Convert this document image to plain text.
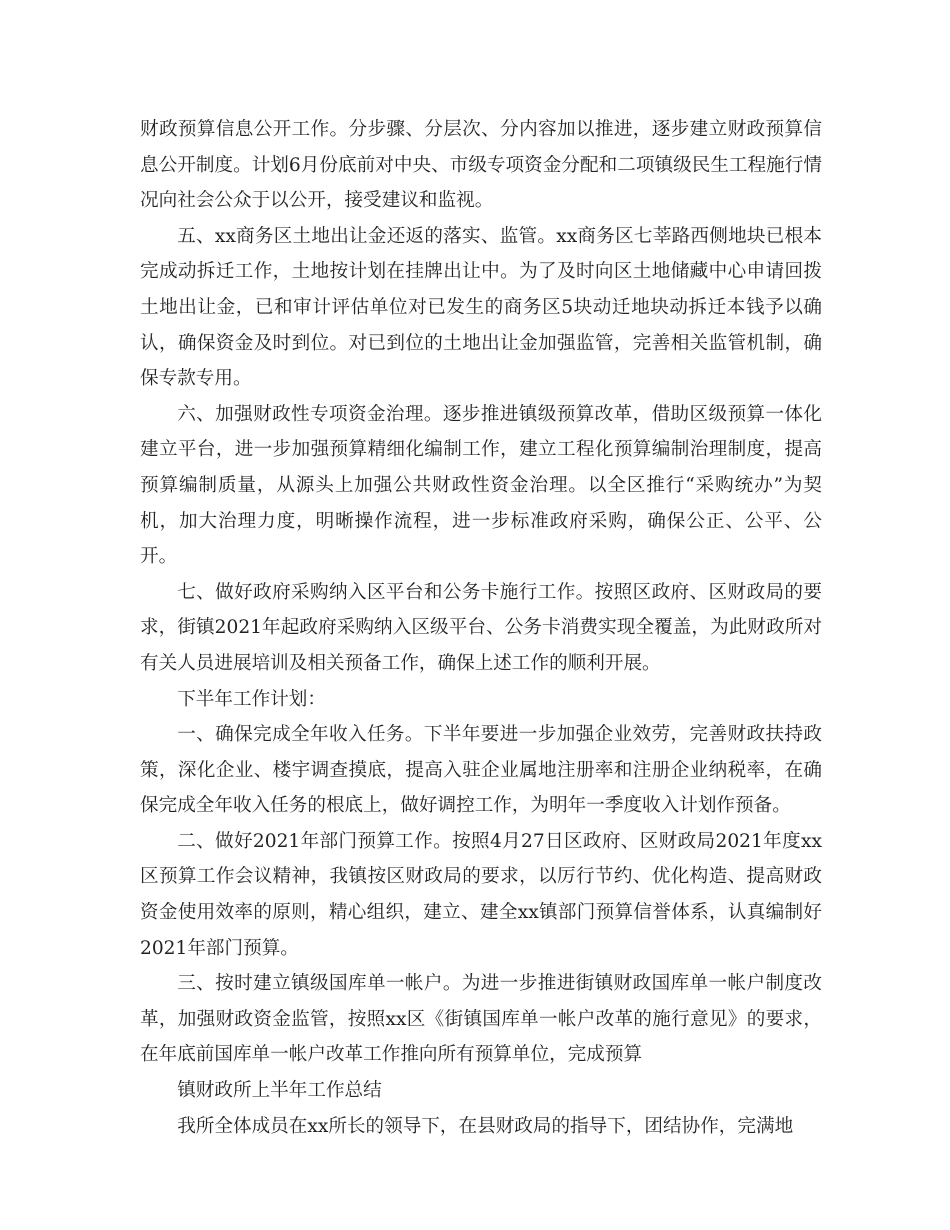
财政预算信息公开工作。分步骤、分层次、分内容加以推进，逐步建立财政预算信息公开制度。计划6月份底前对中央、市级专项资金分配和二项镇级民生工程施行情况向社会公众于以公开，接受建议和监视。

五、xx商务区土地出让金还返的落实、监管。xx商务区七莘路西侧地块已根本完成动拆迁工作，土地按计划在挂牌出让中。为了及时向区土地储藏中心申请回拨土地出让金，已和审计评估单位对已发生的商务区5块动迁地块动拆迁本钱予以确认，确保资金及时到位。对已到位的土地出让金加强监管，完善相关监管机制，确保专款专用。

六、加强财政性专项资金治理。逐步推进镇级预算改革，借助区级预算一体化建立平台，进一步加强预算精细化编制工作，建立工程化预算编制治理制度，提高预算编制质量，从源头上加强公共财政性资金治理。以全区推行“采购统办”为契机，加大治理力度，明晰操作流程，进一步标准政府采购，确保公正、公平、公开。

七、做好政府采购纳入区平台和公务卡施行工作。按照区政府、区财政局的要求，街镇2021年起政府采购纳入区级平台、公务卡消费实现全覆盖，为此财政所对有关人员进展培训及相关预备工作，确保上述工作的顺利开展。

下半年工作计划：

一、确保完成全年收入任务。下半年要进一步加强企业效劳，完善财政扶持政策，深化企业、楼宇调查摸底，提高入驻企业属地注册率和注册企业纳税率，在确保完成全年收入任务的根底上，做好调控工作，为明年一季度收入计划作预备。

二、做好2021年部门预算工作。按照4月27日区政府、区财政局2021年度xx区预算工作会议精神，我镇按区财政局的要求，以厉行节约、优化构造、提高财政资金使用效率的原则，精心组织，建立、建全xx镇部门预算信誉体系，认真编制好2021年部门预算。

三、按时建立镇级国库单一帐户。为进一步推进街镇财政国库单一帐户制度改革，加强财政资金监管，按照xx区《街镇国库单一帐户改革的施行意见》的要求，在年底前国库单一帐户改革工作推向所有预算单位，完成预算

镇财政所上半年工作总结

我所全体成员在xx所长的领导下，在县财政局的指导下，团结协作，完满地
